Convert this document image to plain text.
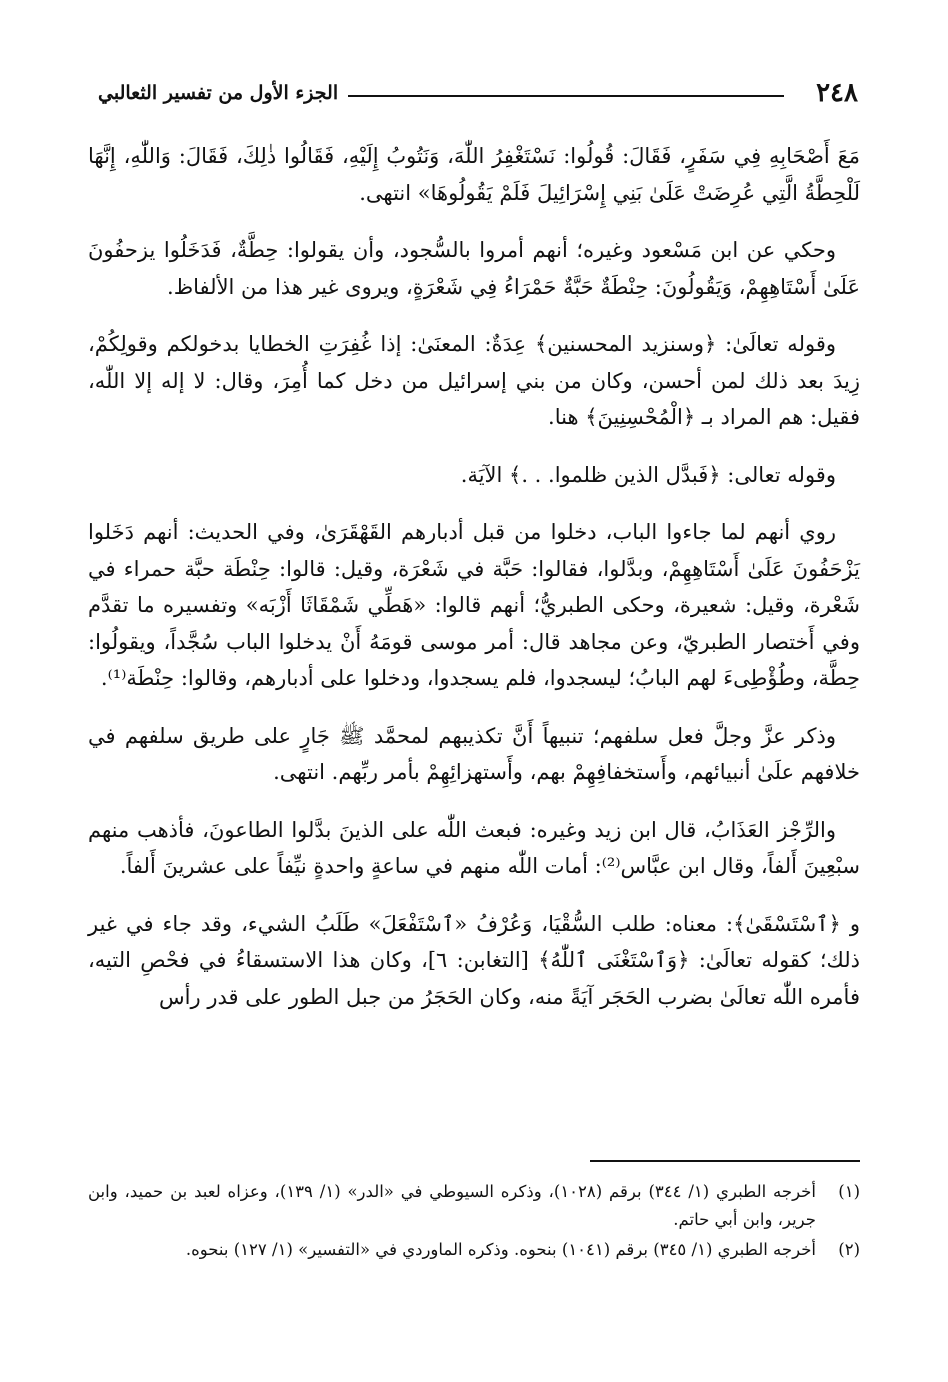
٢٤٨
الجزء الأول من تفسير الثعالبي

مَعَ أَصْحَابِهِ فِي سَفَرٍ، فَقَالَ: قُولُوا: نَسْتَغْفِرُ اللّٰهَ، وَنَتُوبُ إِلَيْهِ، فَقَالُوا ذٰلِكَ، فَقَالَ: وَاللّٰهِ، إِنَّهَا لَلْحِطَّةُ الَّتِي عُرِضَتْ عَلَىٰ بَنِي إِسْرَائِيلَ فَلَمْ يَقُولُوهَا» انتهى.

وحكي عن ابن مَسْعود وغيره؛ أنهم أمروا بالسُّجود، وأن يقولوا: حِطَّةٌ، فَدَخَلُوا يزحفُونَ عَلَىٰ أَسْتَاهِهِمْ، وَيَقُولُونَ: حِنْطَةٌ حَبَّةٌ حَمْرَاءُ فِي شَعْرَةٍ، ويروى غير هذا من الألفاظ.

وقوله تعالَىٰ: ﴿وسنزيد المحسنين﴾ عِدَةٌ: المعنَىٰ: إذا غُفِرَتِ الخطايا بدخولكم وقولِكُمْ، زِيدَ بعد ذلك لمن أحسن، وكان من بني إسرائيل من دخل كما أُمِرَ، وقال: لا إله إلا اللّٰه، فقيل: هم المراد بـ ﴿الْمُحْسِنِينَ﴾ هنا.

وقوله تعالى: ﴿فَبدَّل الذين ظلموا. . .﴾ الآيَة.

روي أنهم لما جاءوا الباب، دخلوا من قبل أدبارهم القَهْقَرَىٰ، وفي الحديث: أنهم دَخَلوا يَزْحَفُونَ عَلَىٰ أَسْتَاهِهِمْ، وبدَّلوا، فقالوا: حَبَّة في شَعْرَة، وقيل: قالوا: حِنْطَة حبَّة حمراء في شَعْرة، وقيل: شعيرة، وحكى الطبريُّ؛ أنهم قالوا: «هَطِّي شَمْقَاثَا أَزْبَه» وتفسيره ما تقدَّم وفي أَختصار الطبريّ، وعن مجاهد قال: أمر موسى قومَهُ أَنْ يدخلوا الباب سُجَّداً، ويقولُوا: حِطَّة، وطُؤْطِىءَ لهم البابُ؛ ليسجدوا، فلم يسجدوا، ودخلوا على أدبارهم، وقالوا: حِنْطَة⁽¹⁾.

وذكر عزَّ وجلَّ فعل سلفهم؛ تنبيهاً أَنَّ تكذيبهم لمحمَّد ﷺ جَارٍ على طريق سلفهم في خلافهم علَىٰ أنبيائهم، وأَستخفافِهِمْ بهم، وأَستهزائِهِمْ بأمر ربِّهم. انتهى.

والرِّجْز العَذَابُ، قال ابن زيد وغيره: فبعث اللّٰه على الذينَ بدَّلوا الطاعونَ، فأذهب منهم سبْعِينَ أَلفاً، وقال ابن عبَّاس⁽²⁾: أمات اللّٰه منهم في ساعةٍ واحدةٍ نيِّفاً على عشرينَ أَلفاً.

و ﴿ٱسْتَسْقَىٰ﴾: معناه: طلب السُّقْيَا، وَعُرْفُ «ٱسْتَفْعَلَ» طَلَبُ الشيء، وقد جاء في غير ذلك؛ كقوله تعالَىٰ: ﴿وَٱسْتَغْنَى ٱللّٰهُ﴾ [التغابن: ٦]، وكان هذا الاستسقاءُ في فحْصِ التيه، فأمره اللّٰه تعالَىٰ بضرب الحَجَر آيَةً منه، وكان الحَجَرُ من جبل الطور على قدر رأس

(١)
أخرجه الطبري (١/ ٣٤٤) برقم (١٠٢٨)، وذكره السيوطي في «الدر» (١/ ١٣٩)، وعزاه لعبد بن حميد، وابن جرير، وابن أبي حاتم.
(٢)
أخرجه الطبري (١/ ٣٤٥) برقم (١٠٤١) بنحوه. وذكره الماوردي في «التفسير» (١/ ١٢٧) بنحوه.
